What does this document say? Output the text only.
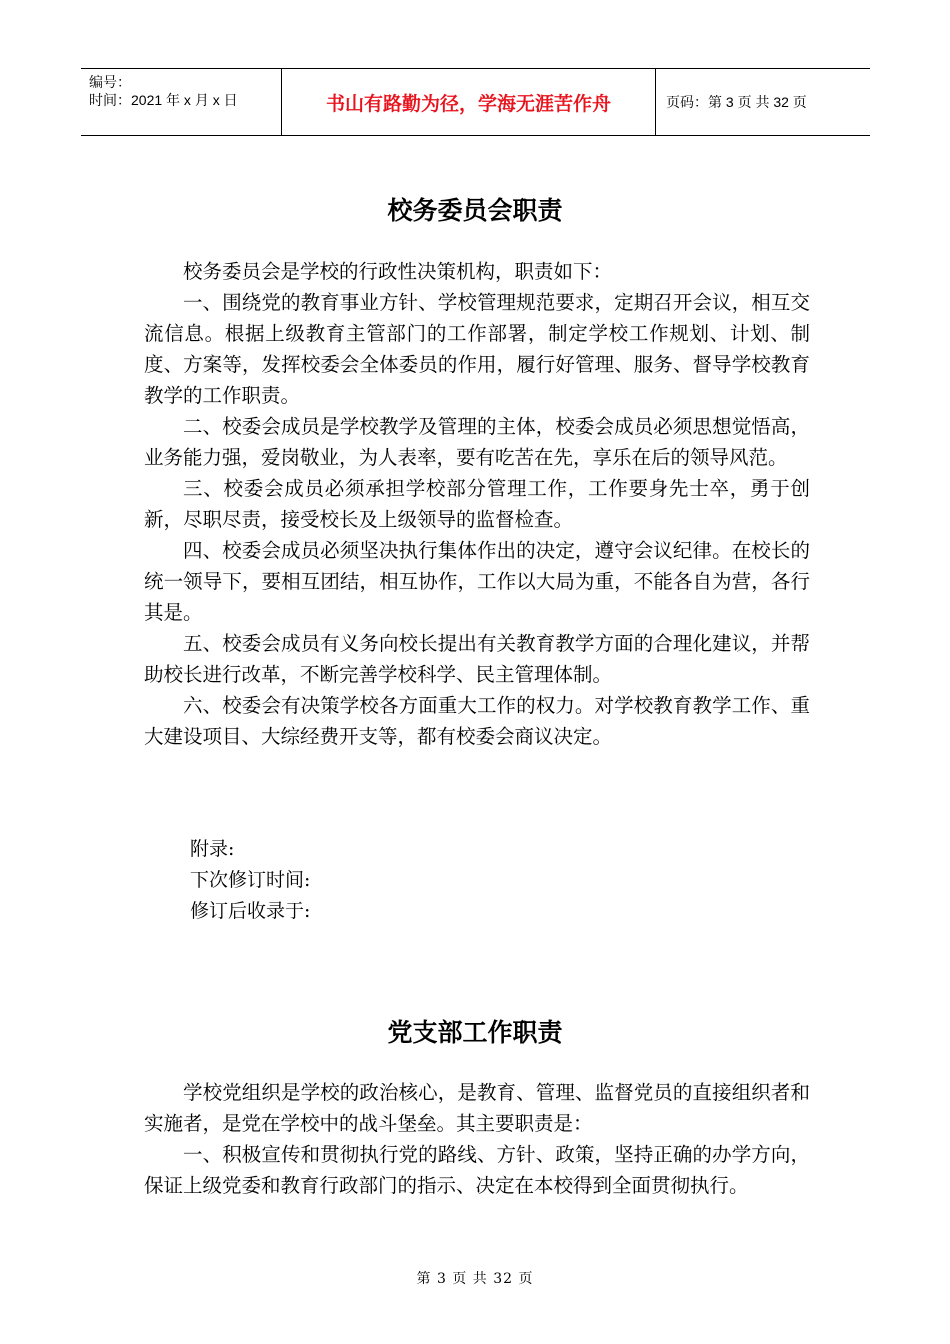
编号：
时间：2021 年 x 月 x 日	书山有路勤为径，学海无涯苦作舟	页码：第 3 页 共 32 页
校务委员会职责

校务委员会是学校的行政性决策机构，职责如下：

一、围绕党的教育事业方针、学校管理规范要求，定期召开会议，相互交流信息。根据上级教育主管部门的工作部署，制定学校工作规划、计划、制度、方案等，发挥校委会全体委员的作用，履行好管理、服务、督导学校教育教学的工作职责。

二、校委会成员是学校教学及管理的主体，校委会成员必须思想觉悟高，业务能力强，爱岗敬业，为人表率，要有吃苦在先，享乐在后的领导风范。

三、校委会成员必须承担学校部分管理工作，工作要身先士卒，勇于创新，尽职尽责，接受校长及上级领导的监督检查。

四、校委会成员必须坚决执行集体作出的决定，遵守会议纪律。在校长的统一领导下，要相互团结，相互协作，工作以大局为重，不能各自为营，各行其是。

五、校委会成员有义务向校长提出有关教育教学方面的合理化建议，并帮助校长进行改革，不断完善学校科学、民主管理体制。

六、校委会有决策学校各方面重大工作的权力。对学校教育教学工作、重大建设项目、大综经费开支等，都有校委会商议决定。

附录:
下次修订时间:
修订后收录于:
党支部工作职责

学校党组织是学校的政治核心，是教育、管理、监督党员的直接组织者和实施者，是党在学校中的战斗堡垒。其主要职责是：

一、积极宣传和贯彻执行党的路线、方针、政策，坚持正确的办学方向，保证上级党委和教育行政部门的指示、决定在本校得到全面贯彻执行。

第 3 页 共 32 页
